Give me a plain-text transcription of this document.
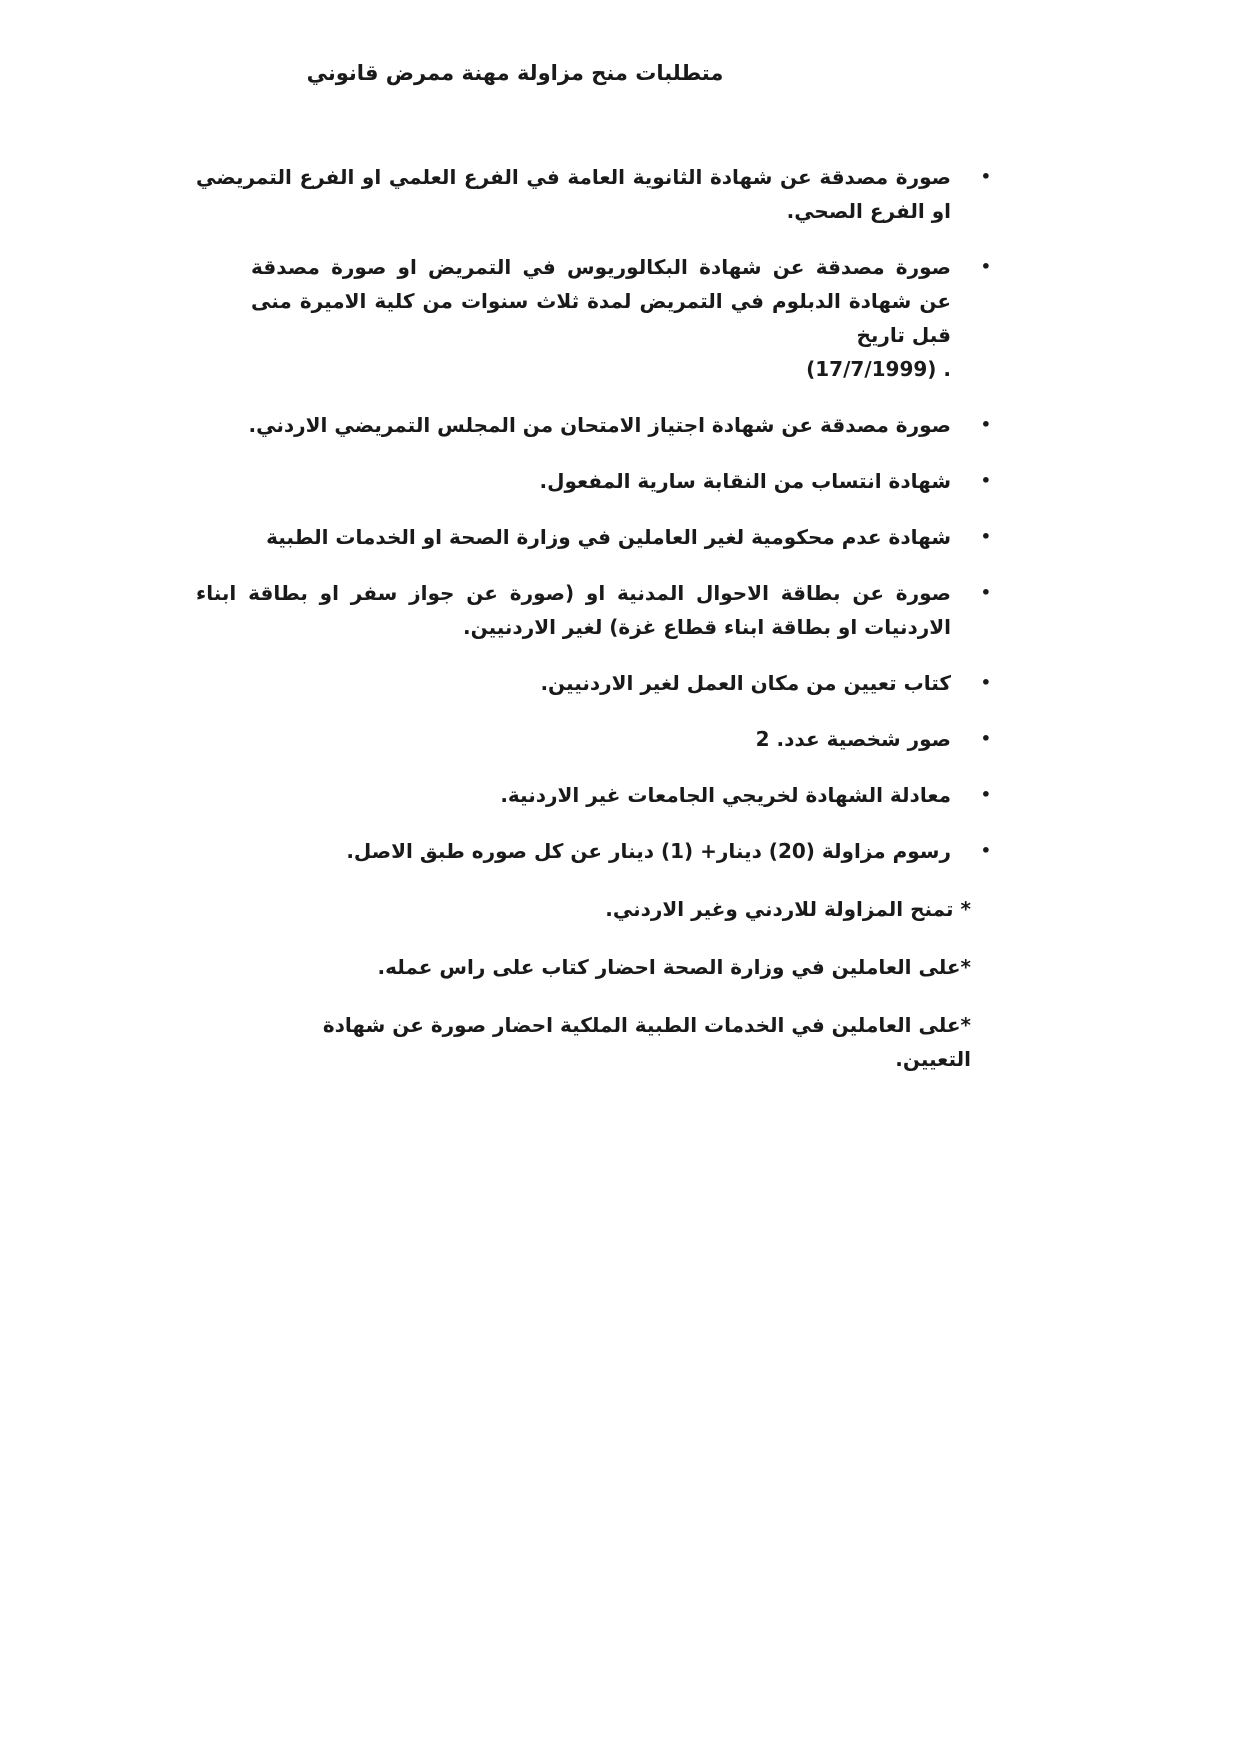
متطلبات منح مزاولة مهنة ممرض قانوني
•
صورة مصدقة عن شهادة الثانوية العامة في الفرع العلمي او الفرع التمريضي او الفرع الصحي.
•
صورة مصدقة عن شهادة البكالوريوس في التمريض او صورة مصدقة عن شهادة الدبلوم في التمريض لمدة ثلاث سنوات من كلية الاميرة منى قبل تاريخ
(17/7/1999) .
•
صورة مصدقة عن شهادة اجتياز الامتحان من المجلس التمريضي الاردني.
•
شهادة انتساب من النقابة سارية المفعول.
•
شهادة عدم محكومية لغير العاملين في وزارة الصحة او الخدمات الطبية
•
صورة عن بطاقة الاحوال المدنية او (صورة عن جواز سفر او بطاقة ابناء الاردنيات او بطاقة ابناء قطاع غزة) لغير الاردنيين.
•
كتاب تعيين من مكان العمل لغير الاردنيين.
•
صور شخصية عدد. 2
•
معادلة الشهادة لخريجي الجامعات غير الاردنية.
•
رسوم مزاولة (20) دينار+ (1) دينار عن كل صوره طبق الاصل.

* تمنح المزاولة للاردني وغير الاردني.

*على العاملين في وزارة الصحة احضار كتاب على راس عمله.

*على العاملين في الخدمات الطبية الملكية احضار صورة عن شهادة التعيين.
